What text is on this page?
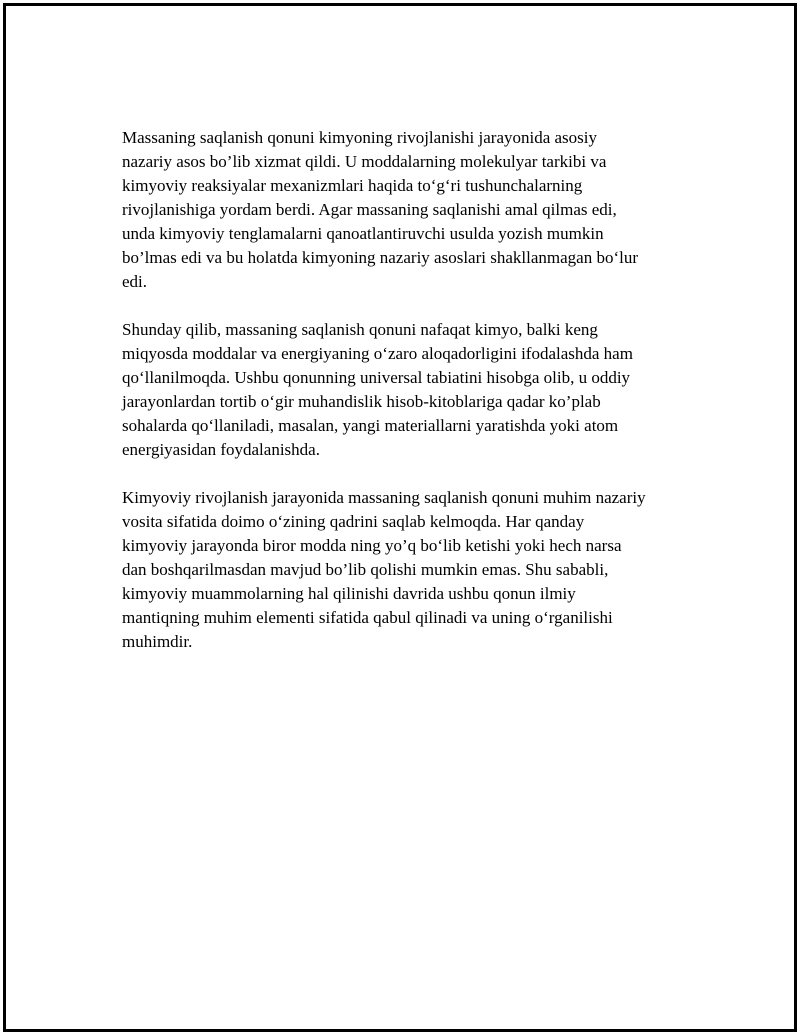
Massaning saqlanish qonuni kimyoning rivojlanishi jarayonida asosiy
nazariy asos bo’lib xizmat qildi. U moddalarning molekulyar tarkibi va
kimyoviy reaksiyalar mexanizmlari haqida to‘g‘ri tushunchalarning
rivojlanishiga yordam berdi. Agar massaning saqlanishi amal qilmas edi,
unda kimyoviy tenglamalarni qanoatlantiruvchi usulda yozish mumkin
bo’lmas edi va bu holatda kimyoning nazariy asoslari shakllanmagan bo‘lur
edi.

Shunday qilib, massaning saqlanish qonuni nafaqat kimyo, balki keng
miqyosda moddalar va energiyaning o‘zaro aloqadorligini ifodalashda ham
qo‘llanilmoqda. Ushbu qonunning universal tabiatini hisobga olib, u oddiy
jarayonlardan tortib o‘gir muhandislik hisob-kitoblariga qadar ko’plab
sohalarda qo‘llaniladi, masalan, yangi materiallarni yaratishda yoki atom
energiyasidan foydalanishda.

Kimyoviy rivojlanish jarayonida massaning saqlanish qonuni muhim nazariy
vosita sifatida doimo o‘zining qadrini saqlab kelmoqda. Har qanday
kimyoviy jarayonda biror modda ning yo’q bo‘lib ketishi yoki hech narsa
dan boshqarilmasdan mavjud bo’lib qolishi mumkin emas. Shu sababli,
kimyoviy muammolarning hal qilinishi davrida ushbu qonun ilmiy
mantiqning muhim elementi sifatida qabul qilinadi va uning o‘rganilishi
muhimdir.
